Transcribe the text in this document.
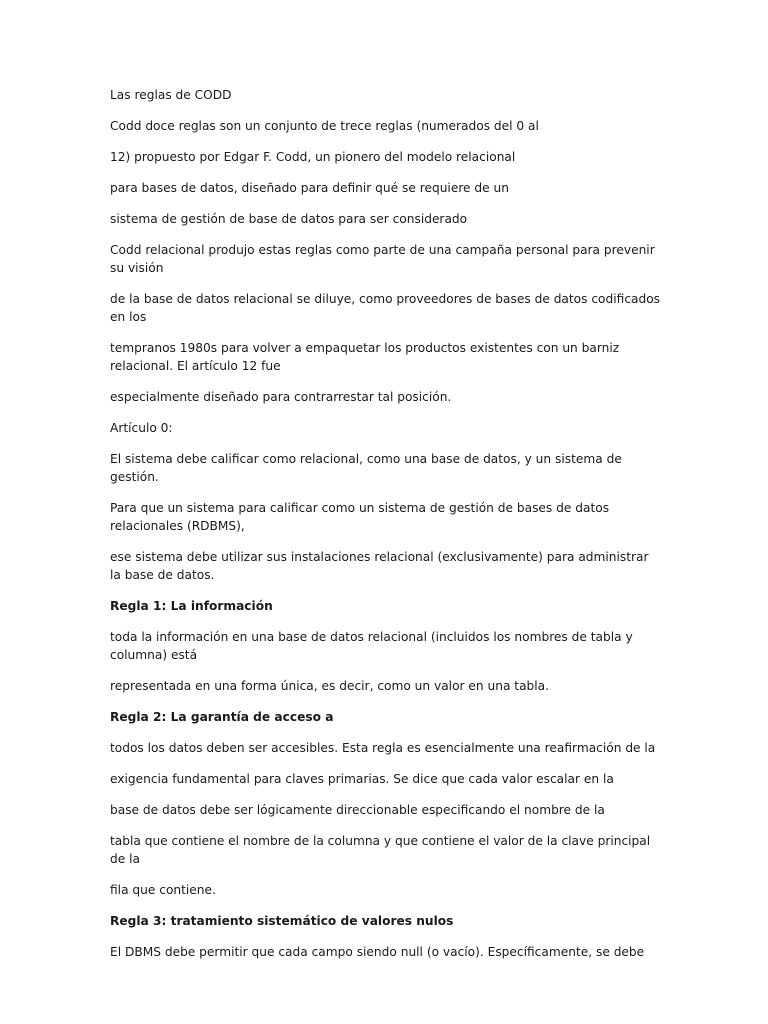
Las reglas de CODD

Codd doce reglas son un conjunto de trece reglas (numerados del 0 al

12) propuesto por Edgar F. Codd, un pionero del modelo relacional

para bases de datos, diseñado para definir qué se requiere de un

sistema de gestión de base de datos para ser considerado

Codd relacional produjo estas reglas como parte de una campaña personal para prevenir su visión

de la base de datos relacional se diluye, como proveedores de bases de datos codificados en los

tempranos 1980s para volver a empaquetar los productos existentes con un barniz relacional. El artículo 12 fue

especialmente diseñado para contrarrestar tal posición.

Artículo 0:

El sistema debe calificar como relacional, como una base de datos, y un sistema de gestión.

Para que un sistema para calificar como un sistema de gestión de bases de datos relacionales (RDBMS),

ese sistema debe utilizar sus instalaciones relacional (exclusivamente) para administrar la base de datos.

Regla 1: La información

toda la información en una base de datos relacional (incluidos los nombres de tabla y columna) está

representada en una forma única, es decir, como un valor en una tabla.

Regla 2: La garantía de acceso a

todos los datos deben ser accesibles. Esta regla es esencialmente una reafirmación de la

exigencia fundamental para claves primarias. Se dice que cada valor escalar en la

base de datos debe ser lógicamente direccionable especificando el nombre de la

tabla que contiene el nombre de la columna y que contiene el valor de la clave principal de la

fila que contiene.

Regla 3: tratamiento sistemático de valores nulos

El DBMS debe permitir que cada campo siendo null (o vacío). Específicamente, se debe
